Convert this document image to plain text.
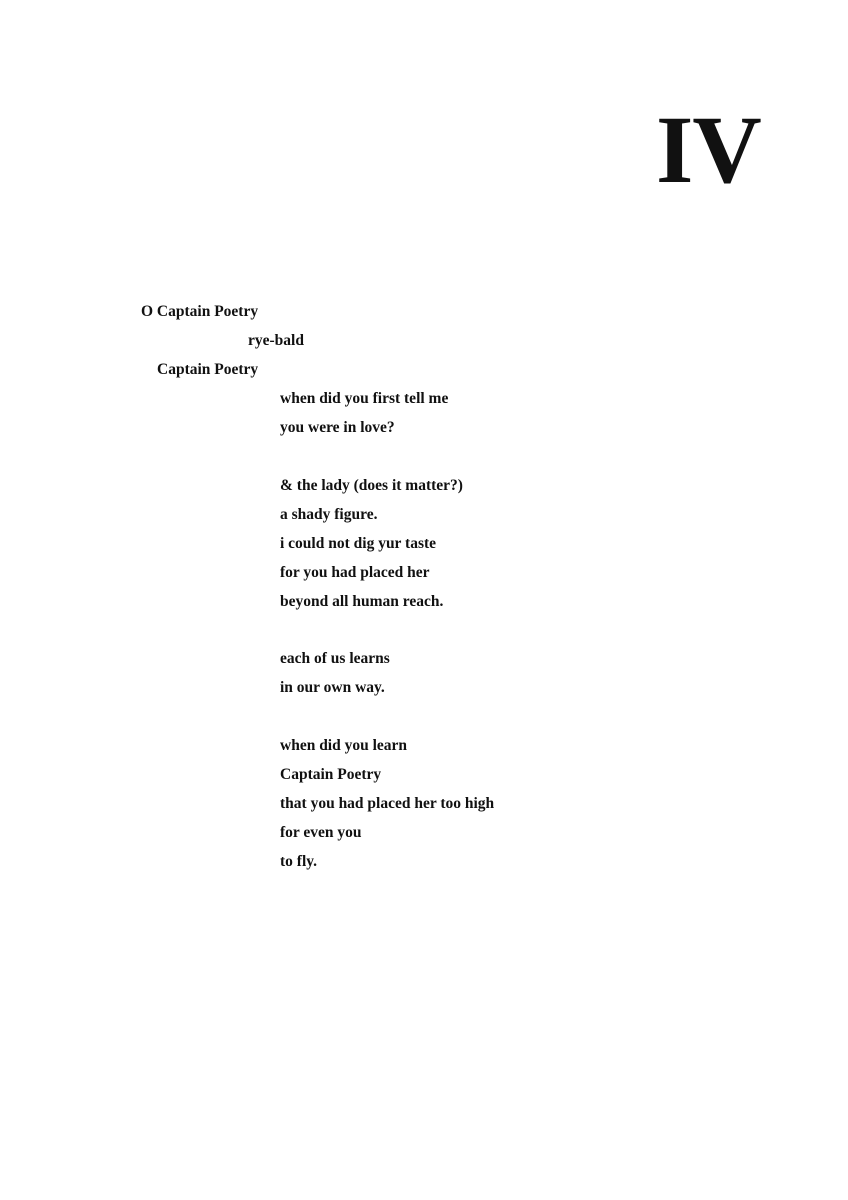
IV
O Captain Poetry
rye-bald
Captain Poetry
when did you first tell me
you were in love?
& the lady (does it matter?)
a shady figure.
i could not dig yur taste
for you had placed her
beyond all human reach.
each of us learns
in our own way.
when did you learn
Captain Poetry
that you had placed her too high
for even you
to fly.
